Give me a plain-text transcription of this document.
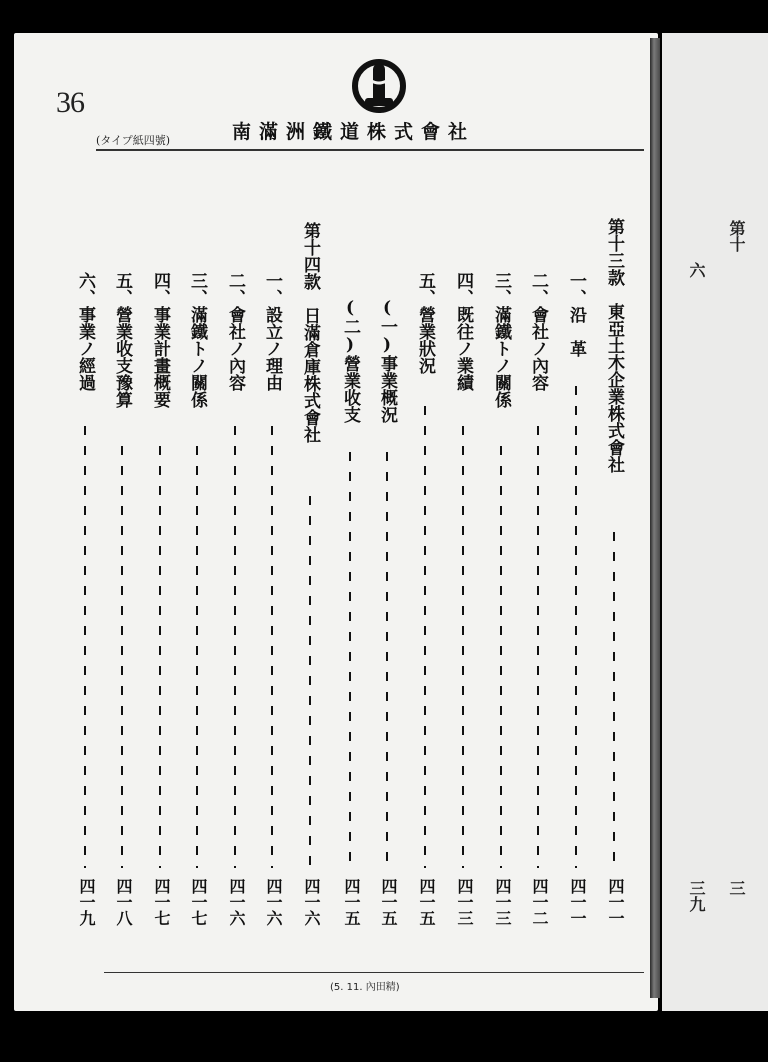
36
南滿洲鐵道株式會社
(タイプ紙四號)
第十三款　東亞土木企業株式會社
四一一
一、沿　革
四一一
二、會社ノ內容
四一二
三、滿鐵トノ關係
四一三
四、既往ノ業績
四一三
五、營業狀況
四一五
(一)事業概況
四一五
(二)營業收支
四一五
第十四款　日滿倉庫株式會社
四一六
一、設立ノ理由
四一六
二、會社ノ內容
四一六
三、滿鐵トノ關係
四一七
四、事業計畫概要
四一七
五、營業收支豫算
四一八
六、事業ノ經過
四一九
(5. 11. 內田精)
第十
三
六
三九
